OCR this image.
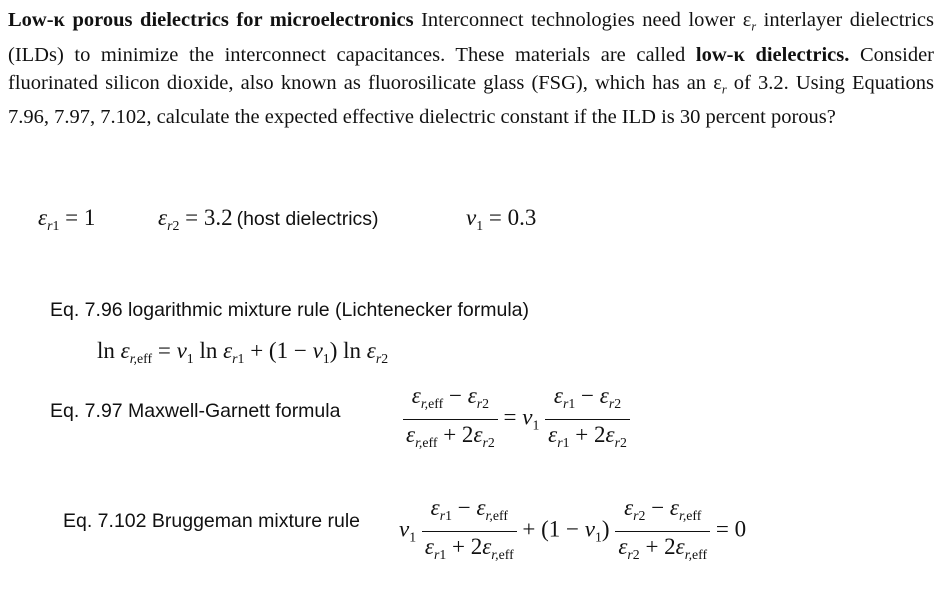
Low-κ porous dielectrics for microelectronics Interconnect technologies need lower $\varepsilon_r$ interlayer dielectrics (ILDs) to minimize the interconnect capacitances. These materials are called low-κ dielectrics. Consider fluorinated silicon dioxide, also known as fluorosilicate glass (FSG), which has an $\varepsilon_r$ of 3.2. Using Equations 7.96, 7.97, 7.102, calculate the expected effective dielectric constant if the ILD is 30 percent porous?
$\varepsilon_{r1} = 1$	$\varepsilon_{r2} = 3.2$ (host dielectrics)	$v_1 = 0.3$
Eq. 7.96 logarithmic mixture rule (Lichtenecker formula)
$\ln \varepsilon_{r,eff} = v_1$ $\ln \varepsilon_{r1} + (1 - v_1)$ $\ln \varepsilon_{r2}$
Eq. 7.97 Maxwell-Garnett formula	$\frac{\varepsilon_{r,eff} - \varepsilon_{r2}}{\varepsilon_{r,eff} + 2\varepsilon_{r2}} = v_1 \frac{\varepsilon_{r1} - \varepsilon_{r2}}{\varepsilon_{r1} + 2\varepsilon_{r2}}$
Eq. 7.102 Bruggeman mixture rule $v_1 \frac{\varepsilon_{r1} - \varepsilon_{r,eff}}{\varepsilon_{r1} + 2\varepsilon_{r,eff}} + (1 - v_1) \frac{\varepsilon_{r2} - \varepsilon_{r,eff}}{\varepsilon_{r2} + 2\varepsilon_{r,eff}} = 0$
